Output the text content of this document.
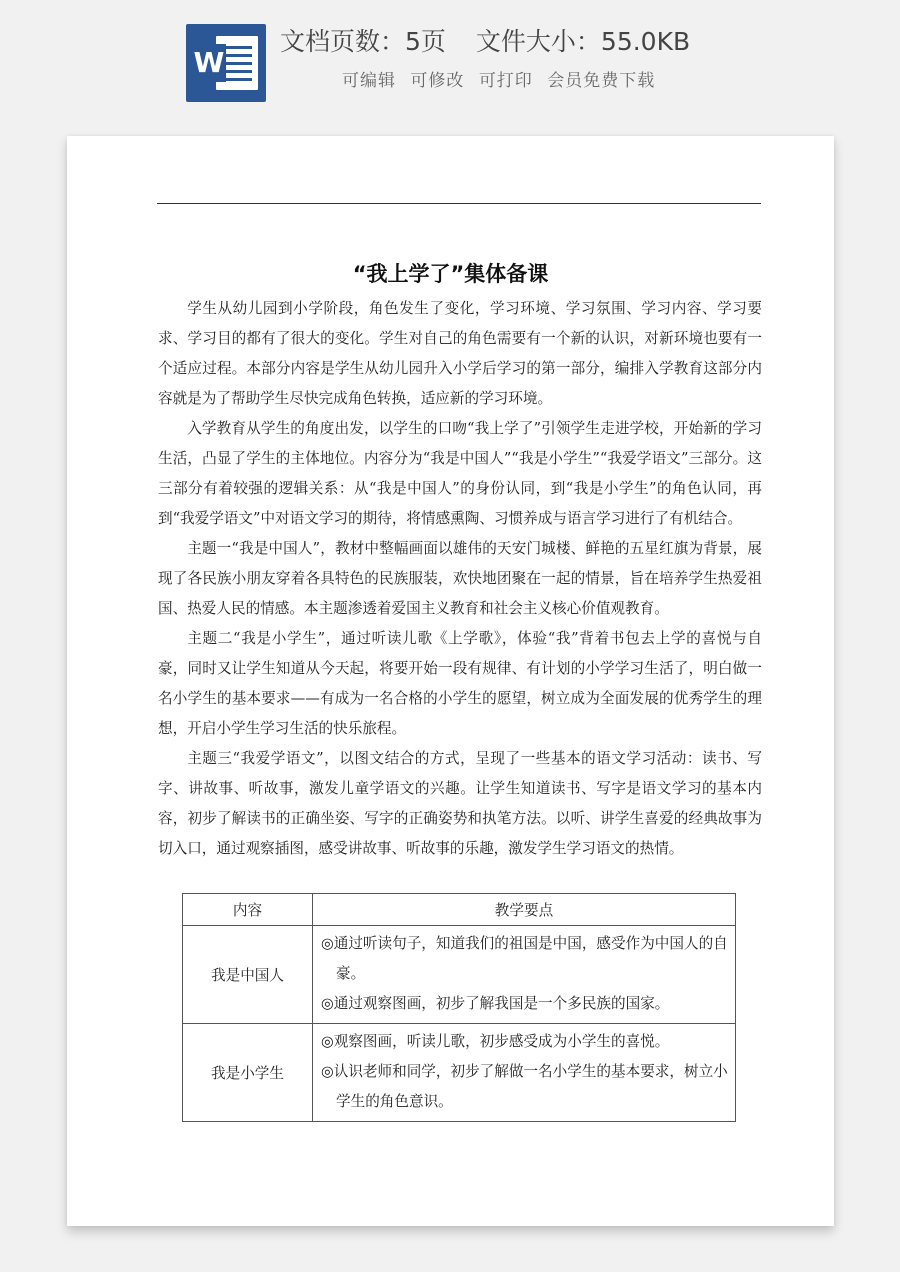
W
文档页数：5页 文件大小：55.0KB
可编辑 可修改 可打印 会员免费下载
“我上学了”集体备课

学生从幼儿园到小学阶段，角色发生了变化，学习环境、学习氛围、学习内容、学习要求、学习目的都有了很大的变化。学生对自己的角色需要有一个新的认识，对新环境也要有一个适应过程。本部分内容是学生从幼儿园升入小学后学习的第一部分，编排入学教育这部分内容就是为了帮助学生尽快完成角色转换，适应新的学习环境。

入学教育从学生的角度出发，以学生的口吻“我上学了”引领学生走进学校，开始新的学习生活，凸显了学生的主体地位。内容分为“我是中国人”“我是小学生”“我爱学语文”三部分。这三部分有着较强的逻辑关系：从“我是中国人”的身份认同，到“我是小学生”的角色认同，再到“我爱学语文”中对语文学习的期待，将情感熏陶、习惯养成与语言学习进行了有机结合。

主题一“我是中国人”，教材中整幅画面以雄伟的天安门城楼、鲜艳的五星红旗为背景，展现了各民族小朋友穿着各具特色的民族服装，欢快地团聚在一起的情景，旨在培养学生热爱祖国、热爱人民的情感。本主题渗透着爱国主义教育和社会主义核心价值观教育。

主题二“我是小学生”，通过听读儿歌《上学歌》，体验“我”背着书包去上学的喜悦与自豪，同时又让学生知道从今天起，将要开始一段有规律、有计划的小学学习生活了，明白做一名小学生的基本要求——有成为一名合格的小学生的愿望，树立成为全面发展的优秀学生的理想，开启小学生学习生活的快乐旅程。

主题三“我爱学语文”，以图文结合的方式，呈现了一些基本的语文学习活动：读书、写字、讲故事、听故事，激发儿童学语文的兴趣。让学生知道读书、写字是语文学习的基本内容，初步了解读书的正确坐姿、写字的正确姿势和执笔方法。以听、讲学生喜爱的经典故事为切入口，通过观察插图，感受讲故事、听故事的乐趣，激发学生学习语文的热情。

内容	教学要点
我是中国人	◎通过听读句子，知道我们的祖国是中国，感受作为中国人的自豪。
◎通过观察图画，初步了解我国是一个多民族的国家。

我是小学生	◎观察图画，听读儿歌，初步感受成为小学生的喜悦。
◎认识老师和同学，初步了解做一名小学生的基本要求，树立小学生的角色意识。
